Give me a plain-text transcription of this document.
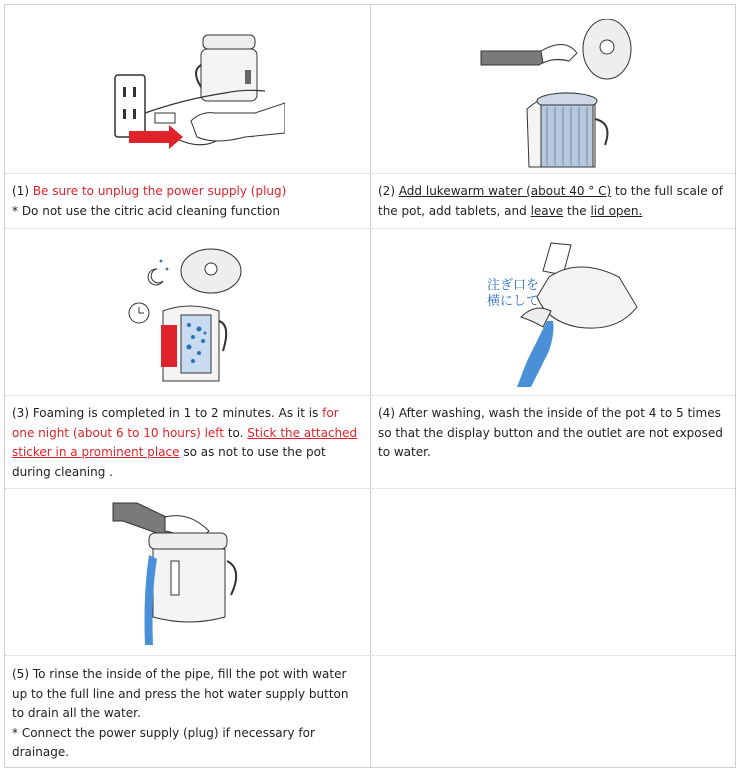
注ぎ口を横にして
(1) Be sure to unplug the power supply (plug)
* Do not use the citric acid cleaning function
(2) Add lukewarm water (about 40 ° C) to the full scale of the pot, add tablets, and leave the lid open.
(3) Foaming is completed in 1 to 2 minutes. As it is for one night (about 6 to 10 hours) left to. Stick the attached sticker in a prominent place so as not to use the pot during cleaning .
(4) After washing, wash the inside of the pot 4 to 5 times so that the display button and the outlet are not exposed to water.
(5) To rinse the inside of the pipe, fill the pot with water up to the full line and press the hot water supply button to drain all the water.
* Connect the power supply (plug) if necessary for drainage.
